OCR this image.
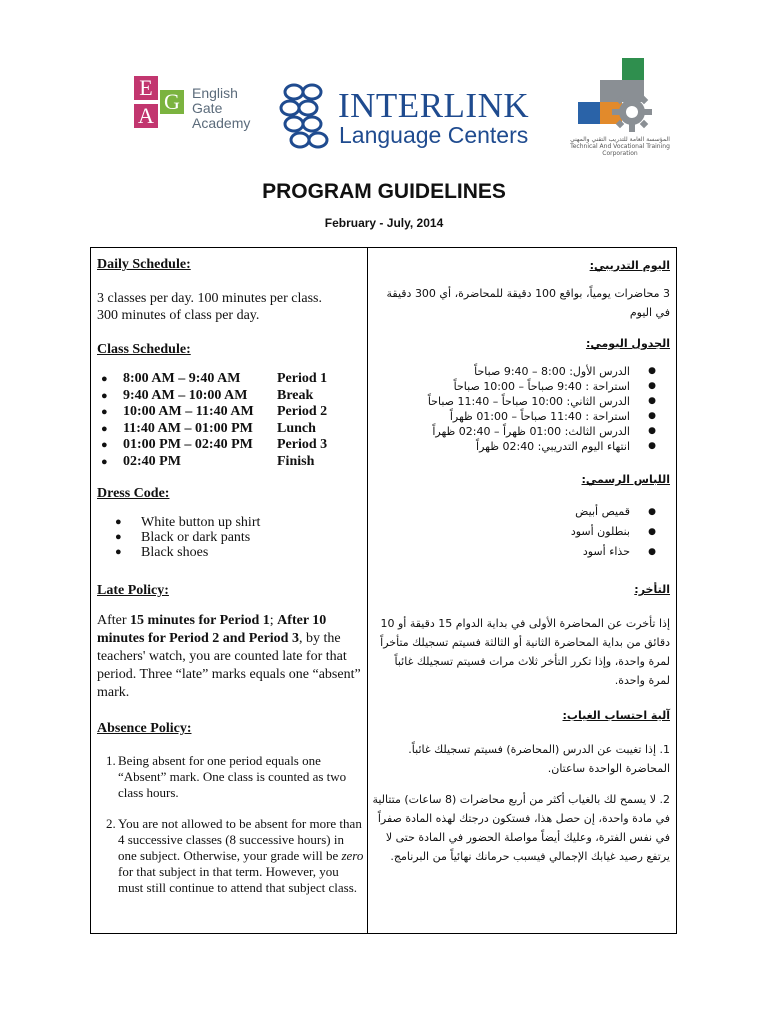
E
G
A
English
Gate
Academy	INTERLINK
Language Centers	المؤسسة العامة للتدريب التقني والمهني
Technical And Vocational Training Corporation
PROGRAM GUIDELINES
February - July, 2014
Daily Schedule:

3 classes per day. 100 minutes per class.

300 minutes of class per day.

Class Schedule:
● 8:00 AM – 9:40 AM	Period 1
● 9:40 AM – 10:00 AM Break
● 10:00 AM – 11:40 AM Period 2
● 11:40 AM – 01:00 PM Lunch
● 01:00 PM – 02:40 PM Period 3
● 02:40 PM	Finish
Dress Code:
● White button up shirt
● Black or dark pants
● Black shoes
Late Policy:

After 15 minutes for Period 1; After 10 minutes for Period 2 and Period 3, by the teachers' watch, you are counted late for that period. Three “late” marks equals one “absent” mark.

Absence Policy:
1. Being absent for one period equals one “Absent” mark. One class is counted as two class hours.
2. You are not allowed to be absent for more than 4 successive classes (8 successive hours) in one subject. Otherwise, your grade will be zero for that subject in that term. However, you must still continue to attend that subject class.
اليوم التدريبي:

3 محاضرات يومياً، بواقع 100 دقيقة للمحاضرة، أي 300 دقيقة في اليوم

الجدول اليومي:
● الدرس الأول: 8:00 – 9:40 صباحاً
● استراحة : 9:40 صباحاً – 10:00 صباحاً
● الدرس الثاني: 10:00 صباحاً – 11:40 صباحاً
● استراحة : 11:40 صباحاً – 01:00 ظهراً
● الدرس الثالث: 01:00 ظهراً – 02:40 ظهراً
● انتهاء اليوم التدريبي: 02:40 ظهراً
اللباس الرسمي:
● قميص أبيض
● بنطلون أسود
● حذاء أسود
التأخر:

إذا تأخرت عن المحاضرة الأولى في بداية الدوام 15 دقيقة أو 10 دقائق من بداية المحاضرة الثانية أو الثالثة فسيتم تسجيلك متأخراً لمرة واحدة، وإذا تكرر التأخر ثلاث مرات فسيتم تسجيلك غائباً لمرة واحدة.

آلية احتساب الغياب:

1. إذا تغيبت عن الدرس (المحاضرة) فسيتم تسجيلك غائباً. المحاضرة الواحدة ساعتان.

2. لا يسمح لك بالغياب أكثر من أربع محاضرات (8 ساعات) متتالية في مادة واحدة، إن حصل هذا، فستكون درجتك لهذه المادة صفراً في نفس الفترة، وعليك أيضاً مواصلة الحضور في المادة حتى لا يرتفع رصيد غيابك الإجمالي فيسبب حرمانك نهائياً من البرنامج.
